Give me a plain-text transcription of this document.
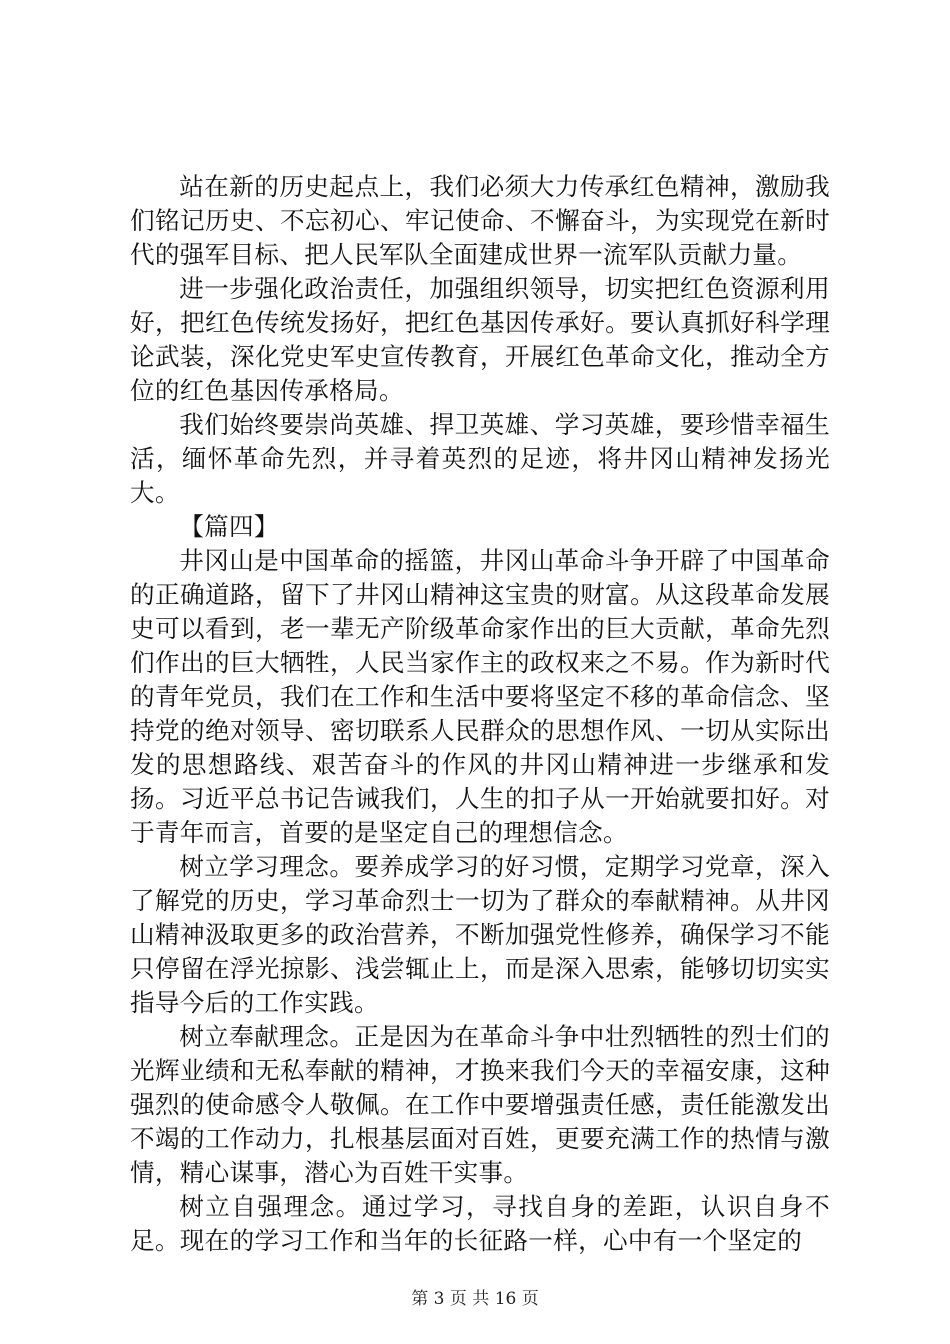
站在新的历史起点上，我们必须大力传承红色精神，激励我们铭记历史、不忘初心、牢记使命、不懈奋斗，为实现党在新时代的强军目标、把人民军队全面建成世界一流军队贡献力量。

进一步强化政治责任，加强组织领导，切实把红色资源利用好，把红色传统发扬好，把红色基因传承好。要认真抓好科学理论武装，深化党史军史宣传教育，开展红色革命文化，推动全方位的红色基因传承格局。

我们始终要崇尚英雄、捍卫英雄、学习英雄，要珍惜幸福生活，缅怀革命先烈，并寻着英烈的足迹，将井冈山精神发扬光大。

【篇四】

井冈山是中国革命的摇篮，井冈山革命斗争开辟了中国革命的正确道路，留下了井冈山精神这宝贵的财富。从这段革命发展史可以看到，老一辈无产阶级革命家作出的巨大贡献，革命先烈们作出的巨大牺牲，人民当家作主的政权来之不易。作为新时代的青年党员，我们在工作和生活中要将坚定不移的革命信念、坚持党的绝对领导、密切联系人民群众的思想作风、一切从实际出发的思想路线、艰苦奋斗的作风的井冈山精神进一步继承和发扬。习近平总书记告诫我们，人生的扣子从一开始就要扣好。对于青年而言，首要的是坚定自己的理想信念。

树立学习理念。要养成学习的好习惯，定期学习党章，深入了解党的历史，学习革命烈士一切为了群众的奉献精神。从井冈山精神汲取更多的政治营养，不断加强党性修养，确保学习不能只停留在浮光掠影、浅尝辄止上，而是深入思索，能够切切实实指导今后的工作实践。

树立奉献理念。正是因为在革命斗争中壮烈牺牲的烈士们的光辉业绩和无私奉献的精神，才换来我们今天的幸福安康，这种强烈的使命感令人敬佩。在工作中要增强责任感，责任能激发出不竭的工作动力，扎根基层面对百姓，更要充满工作的热情与激情，精心谋事，潜心为百姓干实事。

树立自强理念。通过学习，寻找自身的差距，认识自身不足。现在的学习工作和当年的长征路一样，心中有一个坚定的

第 3 页 共 16 页
